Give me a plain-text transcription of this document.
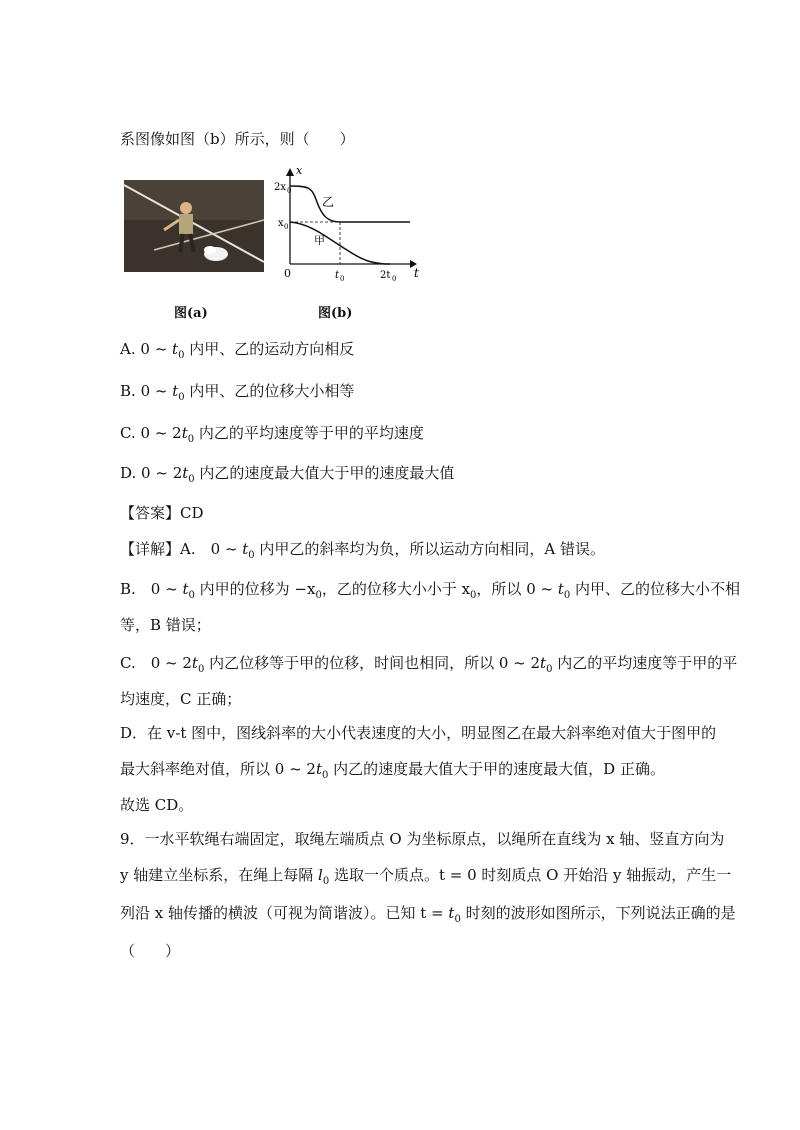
系图像如图（b）所示，则（　　）
x
t
0
2x 0
x 0
t 0	2t 0
乙
甲
图(a)	图(b)
A. 0 ~ $t_0$ 内甲、乙的运动方向相反
B. 0 ~ $t_0$ 内甲、乙的位移大小相等
C. 0 ~ $2t_0$ 内乙的平均速度等于甲的平均速度
D. 0 ~ $2t_0$ 内乙的速度最大值大于甲的速度最大值
【答案】CD
【详解】A.　0 ~ $t_0$ 内甲乙的斜率均为负，所以运动方向相同，A 错误。
B.　0 ~ $t_0$ 内甲的位移为 $-x_0$，乙的位移大小小于 $x_0$，所以 0 ~ $t_0$ 内甲、乙的位移大小不相
等，B 错误；
C.　0 ~ $2t_0$ 内乙位移等于甲的位移，时间也相同，所以 0 ~ $2t_0$ 内乙的平均速度等于甲的平
均速度，C 正确；
D．在 v-t 图中，图线斜率的大小代表速度的大小，明显图乙在最大斜率绝对值大于图甲的
最大斜率绝对值，所以 0 ~ $2t_0$ 内乙的速度最大值大于甲的速度最大值，D 正确。
故选 CD。
9．一水平软绳右端固定，取绳左端质点 O 为坐标原点，以绳所在直线为 x 轴、竖直方向为
y 轴建立坐标系，在绳上每隔 $l_0$ 选取一个质点。t = 0 时刻质点 O 开始沿 y 轴振动，产生一
列沿 x 轴传播的横波（可视为简谐波）。已知 $t = t_0$ 时刻的波形如图所示，下列说法正确的是
（　　）
